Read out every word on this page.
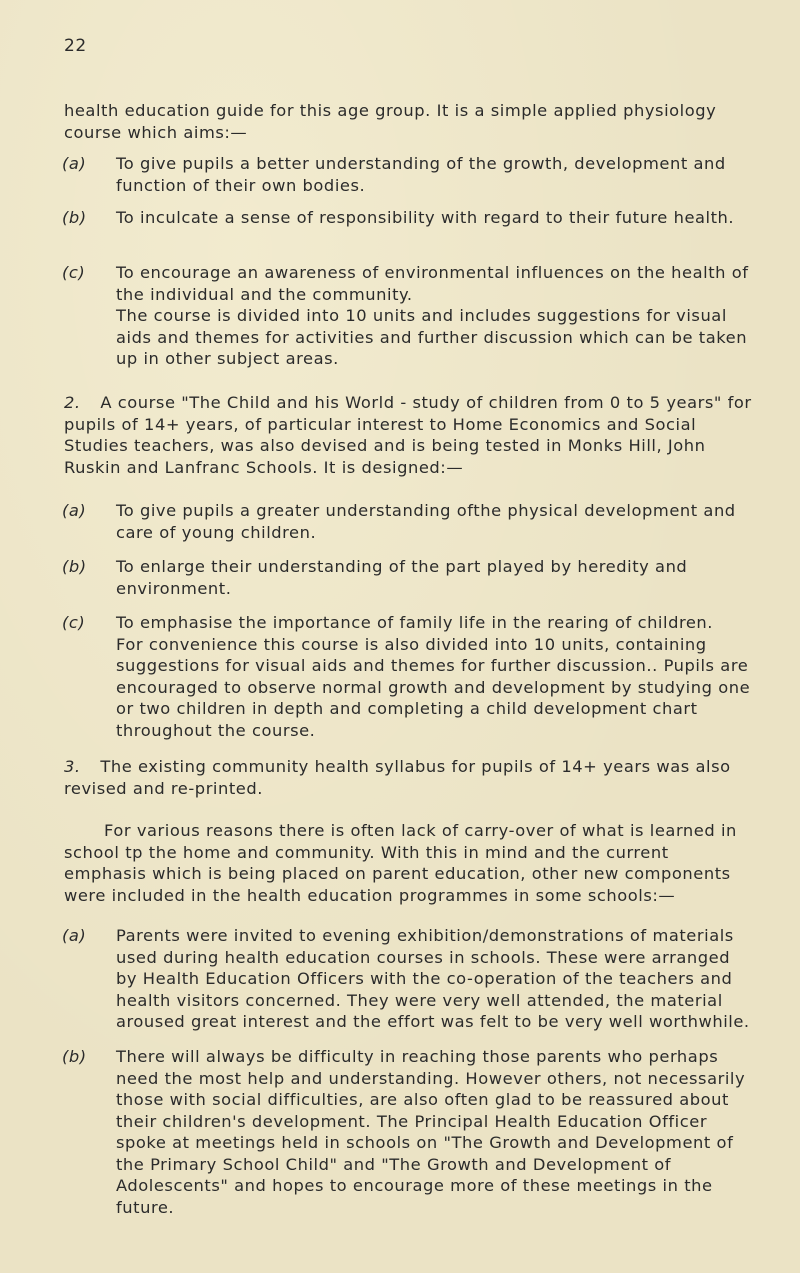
22
health education guide for this age group. It is a simple applied physiology course which aims:—
(a) To give pupils a better understanding of the growth, development and function of their own bodies.

(b) To inculcate a sense of responsibility with regard to their future health.

(c) To encourage an awareness of environmental influences on the health of the individual and the community.

The course is divided into 10 units and includes suggestions for visual aids and themes for activities and further discussion which can be taken up in other subject areas.

2. A course "The Child and his World - study of children from 0 to 5 years" for pupils of 14+ years, of particular interest to Home Economics and Social Studies teachers, was also devised and is being tested in Monks Hill, John Ruskin and Lanfranc Schools. It is designed:—
(a) To give pupils a greater understanding ofthe physical development and care of young children.

(b) To enlarge their understanding of the part played by heredity and environment.

(c) To emphasise the importance of family life in the rearing of children.

For convenience this course is also divided into 10 units, containing suggestions for visual aids and themes for further discussion.. Pupils are encouraged to observe normal growth and development by studying one or two children in depth and completing a child development chart throughout the course.

3. The existing community health syllabus for pupils of 14+ years was also revised and re-printed.
For various reasons there is often lack of carry-over of what is learned in school tp the home and community. With this in mind and the current emphasis which is being placed on parent education, other new components were included in the health education programmes in some schools:—
(a) Parents were invited to evening exhibition/demonstrations of materials used during health education courses in schools. These were arranged by Health Education Officers with the co-operation of the teachers and health visitors concerned. They were very well attended, the material aroused great interest and the effort was felt to be very well worthwhile.

(b) There will always be difficulty in reaching those parents who perhaps need the most help and understanding. However others, not necessarily those with social difficulties, are also often glad to be reassured about their children's development. The Principal Health Education Officer spoke at meetings held in schools on "The Growth and Development of the Primary School Child" and "The Growth and Development of Adolescents" and hopes to encourage more of these meetings in the future.
